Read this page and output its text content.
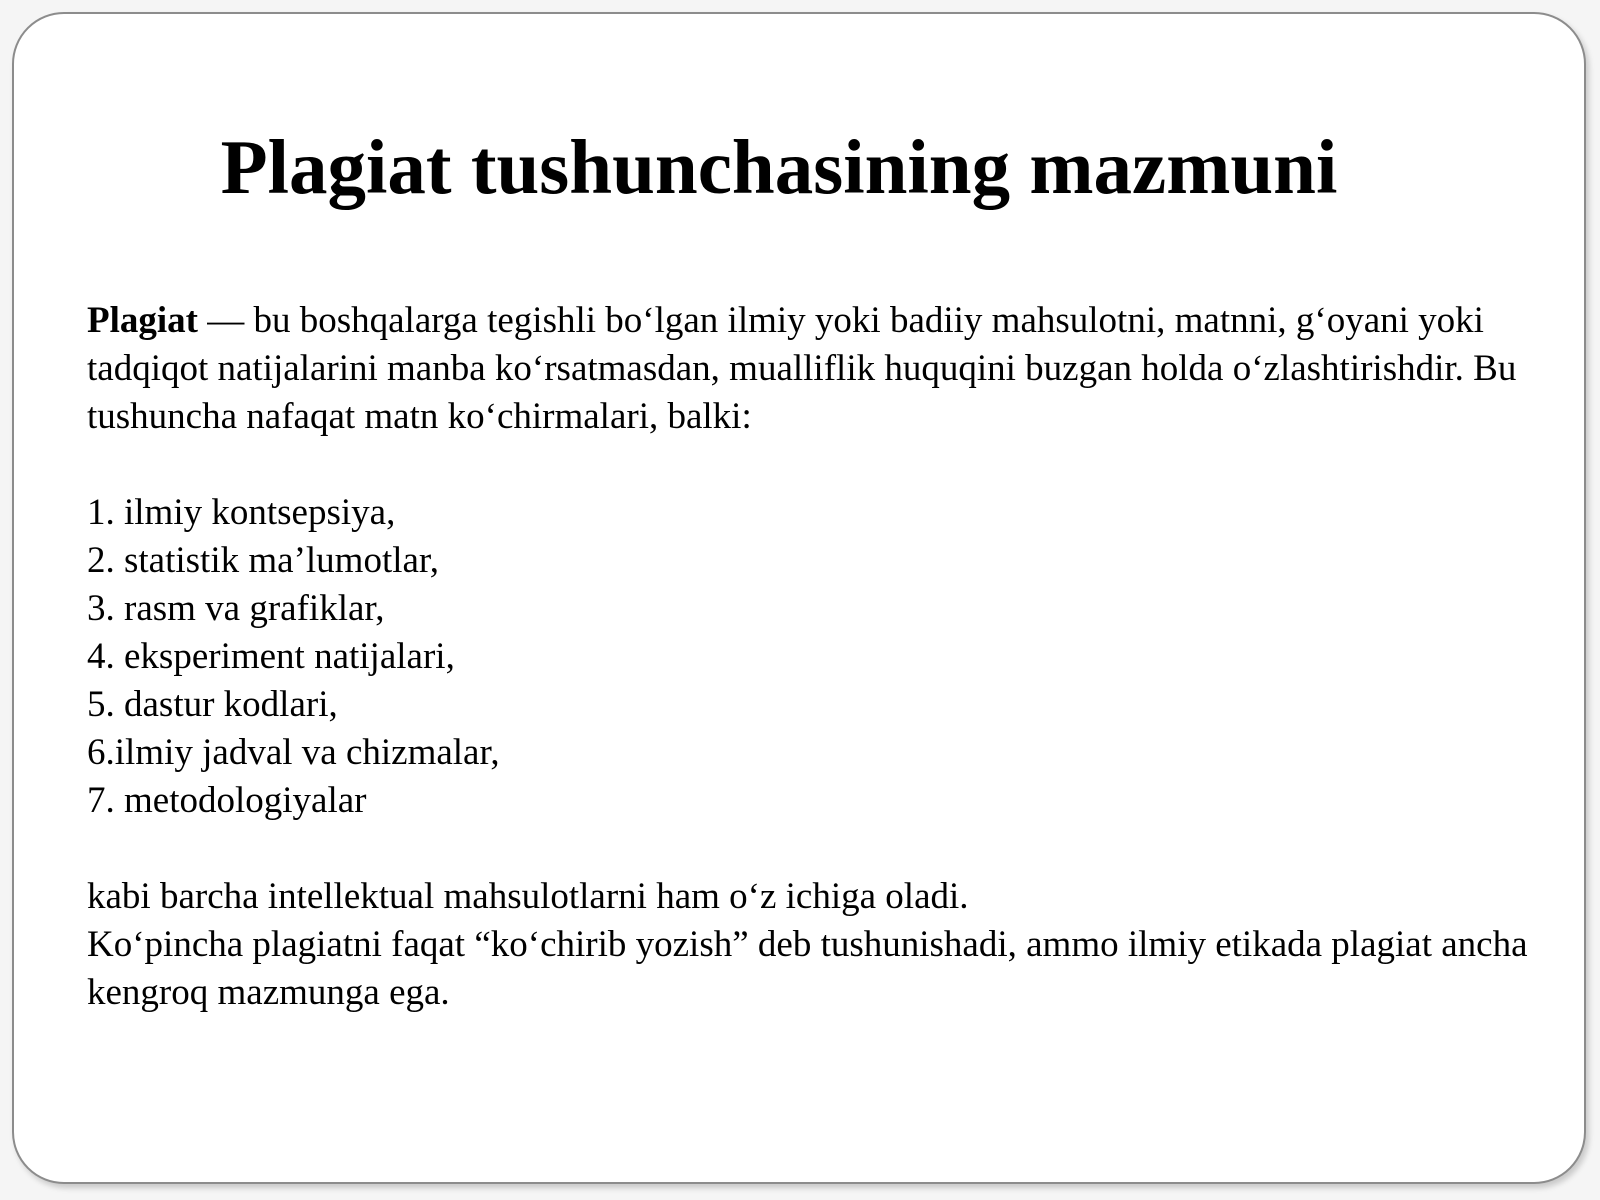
Plagiat tushunchasining mazmuni

Plagiat — bu boshqalarga tegishli bo‘lgan ilmiy yoki badiiy mahsulotni, matnni, g‘oyani yoki tadqiqot natijalarini manba ko‘rsatmasdan, mualliflik huquqini buzgan holda o‘zlashtirishdir. Bu tushuncha nafaqat matn ko‘chirmalari, balki:

1. ilmiy kontsepsiya,
2. statistik ma’lumotlar,
3. rasm va grafiklar,
4. eksperiment natijalari,
5. dastur kodlari,
6.ilmiy jadval va chizmalar,
7. metodologiyalar

kabi barcha intellektual mahsulotlarni ham o‘z ichiga oladi.

Ko‘pincha plagiatni faqat “ko‘chirib yozish” deb tushunishadi, ammo ilmiy etikada plagiat ancha kengroq mazmunga ega.
